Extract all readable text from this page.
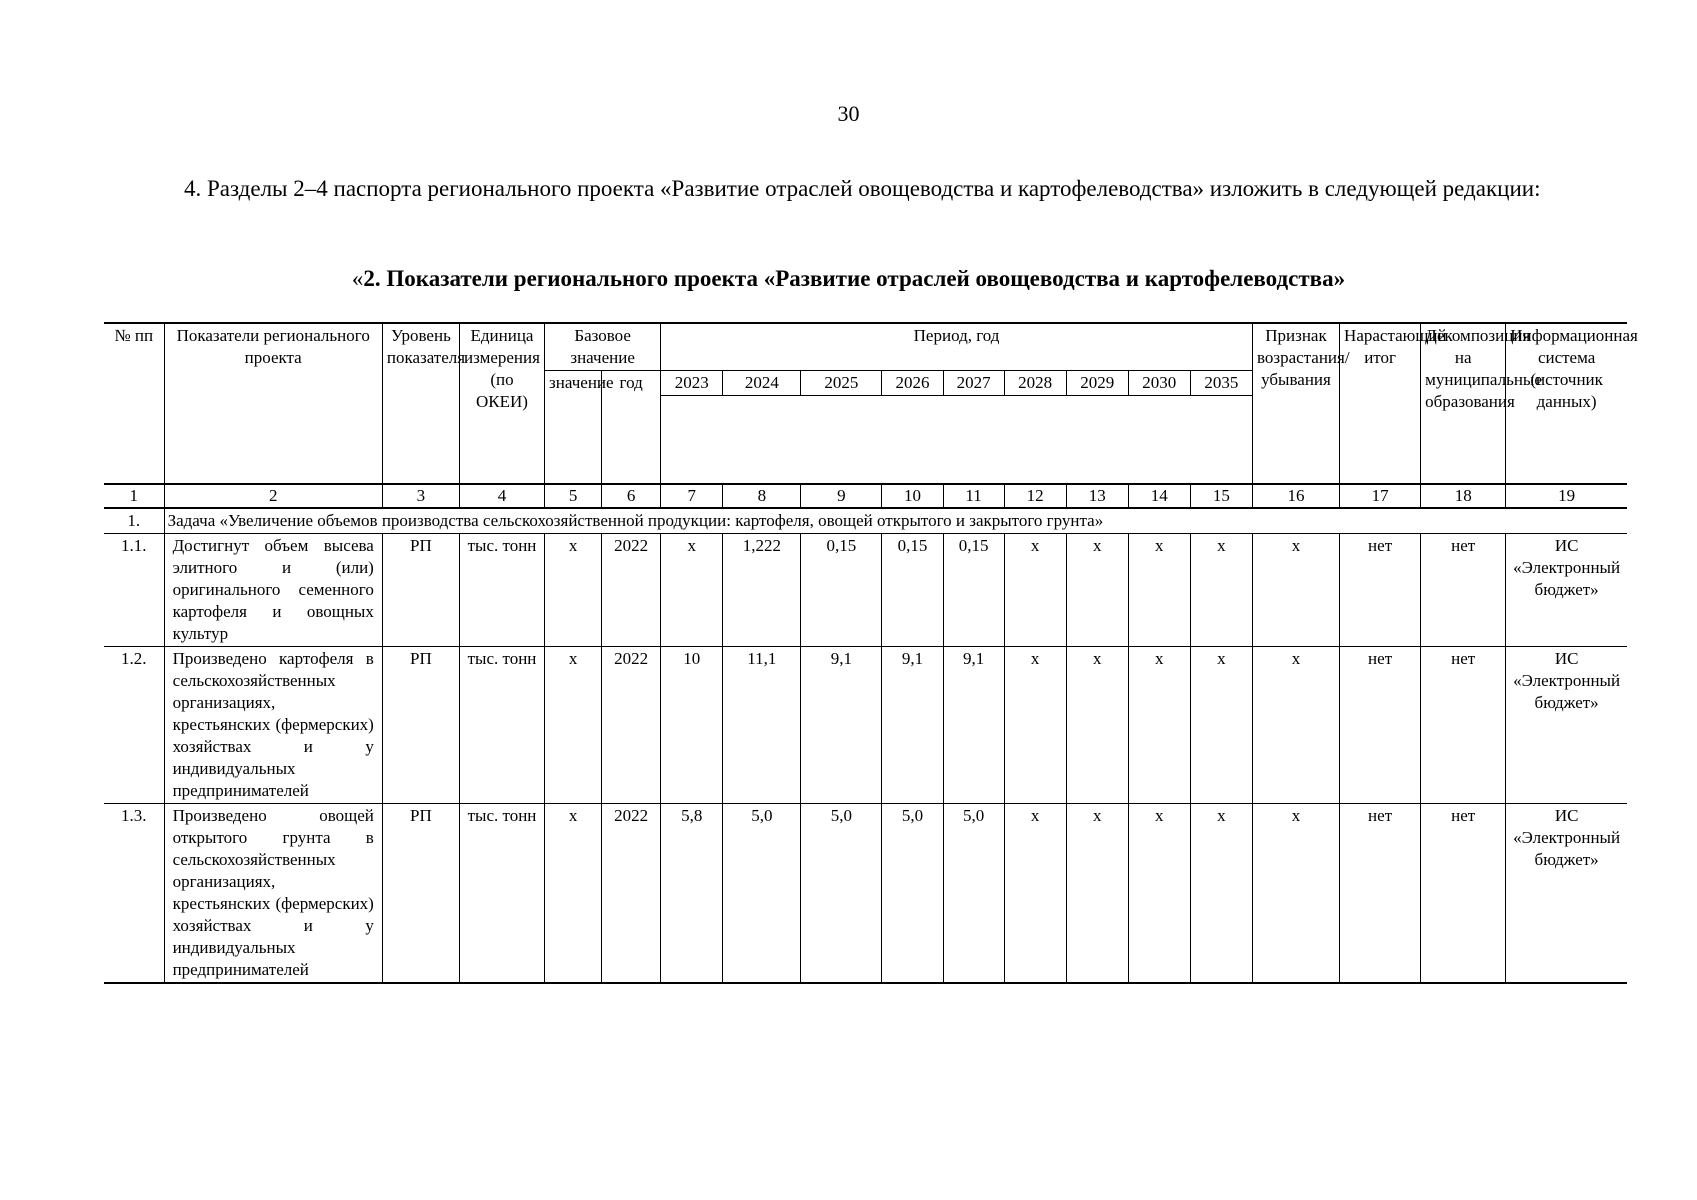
30

4. Разделы 2–4 паспорта регионального проекта «Развитие отраслей овощеводства и картофелеводства» изложить в следующей редакции:

«2. Показатели регионального проекта «Развитие отраслей овощеводства и картофелеводства»

№ пп	Показатели регионального проекта	Уровень показателя	Единица измерения (по ОКЕИ)	Базовое значение		Период, год									Признак возрастания/ убывания	Нарастающий итог	Декомпозиция на муниципальные образования	Информационная система (источник данных)
				значение	год	2023	2024	2025	2026	2027	2028	2029	2030	2035				

1	2	3	4	5	6	7	8	9	10	11	12	13	14	15	16	17	18	19
1.	Задача «Увеличение объемов производства сельскохозяйственной продукции: картофеля, овощей открытого и закрытого грунта»																	
1.1.	Достигнут объем высева элитного и (или) оригинального семенного картофеля и овощных культур	РП	тыс. тонн	х	2022	х	1,222	0,15	0,15	0,15	х	х	х	х	х	нет	нет	ИС «Электронный бюджет»
1.2.	Произведено картофеля в сельскохозяйственных организациях, крестьянских (фермерских) хозяйствах и у индивидуальных предпринимателей	РП	тыс. тонн	х	2022	10	11,1	9,1	9,1	9,1	х	х	х	х	х	нет	нет	ИС «Электронный бюджет»
1.3.	Произведено овощей открытого грунта в сельскохозяйственных организациях, крестьянских (фермерских) хозяйствах и у индивидуальных предпринимателей	РП	тыс. тонн	х	2022	5,8	5,0	5,0	5,0	5,0	х	х	х	х	х	нет	нет	ИС «Электронный бюджет»
